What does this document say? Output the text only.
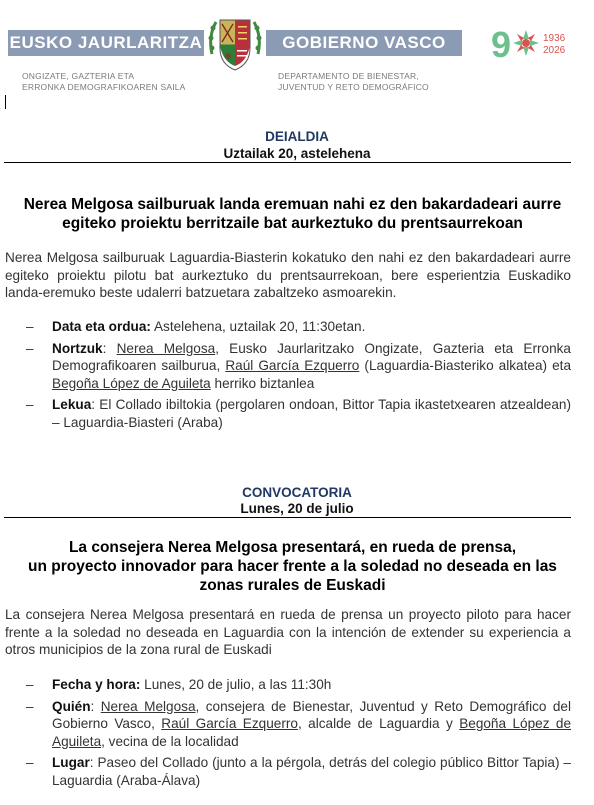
EUSKO JAURLARITZA	GOBIERNO VASCO
ONGIZATE, GAZTERIA ETA
ERRONKA DEMOGRAFIKOAREN SAILA
DEPARTAMENTO DE BIENESTAR,
JUVENTUD Y RETO DEMOGRÁFICO
9	1936
2026
DEIALDIA
Uztailak 20, astelehena
Nerea Melgosa sailburuak landa eremuan nahi ez den bakardadeari aurre egiteko proiektu berritzaile bat aurkeztuko du prentsaurrekoan
Nerea Melgosa sailburuak Laguardia-Biasterin kokatuko den nahi ez den bakardadeari aurre egiteko proiektu pilotu bat aurkeztuko du prentsaurrekoan, bere esperientzia Euskadiko landa-eremuko beste udalerri batzuetara zabaltzeko asmoarekin.
– Data eta ordua: Astelehena, uztailak 20, 11:30etan.
– Nortzuk: Nerea Melgosa, Eusko Jaurlaritzako Ongizate, Gazteria eta Erronka Demografikoaren sailburua, Raúl García Ezquerro (Laguardia-Biasteriko alkatea) eta Begoña López de Aguileta herriko biztanlea
– Lekua: El Collado ibiltokia (pergolaren ondoan, Bittor Tapia ikastetxearen atzealdean) – Laguardia-Biasteri (Araba)
CONVOCATORIA
Lunes, 20 de julio
La consejera Nerea Melgosa presentará, en rueda de prensa,
un proyecto innovador para hacer frente a la soledad no deseada en las zonas rurales de Euskadi
La consejera Nerea Melgosa presentará en rueda de prensa un proyecto piloto para hacer frente a la soledad no deseada en Laguardia con la intención de extender su experiencia a otros municipios de la zona rural de Euskadi
– Fecha y hora: Lunes, 20 de julio, a las 11:30h
– Quién: Nerea Melgosa, consejera de Bienestar, Juventud y Reto Demográfico del Gobierno Vasco, Raúl García Ezquerro, alcalde de Laguardia y Begoña López de Aguileta, vecina de la localidad
– Lugar: Paseo del Collado (junto a la pérgola, detrás del colegio público Bittor Tapia) – Laguardia (Araba-Álava)
